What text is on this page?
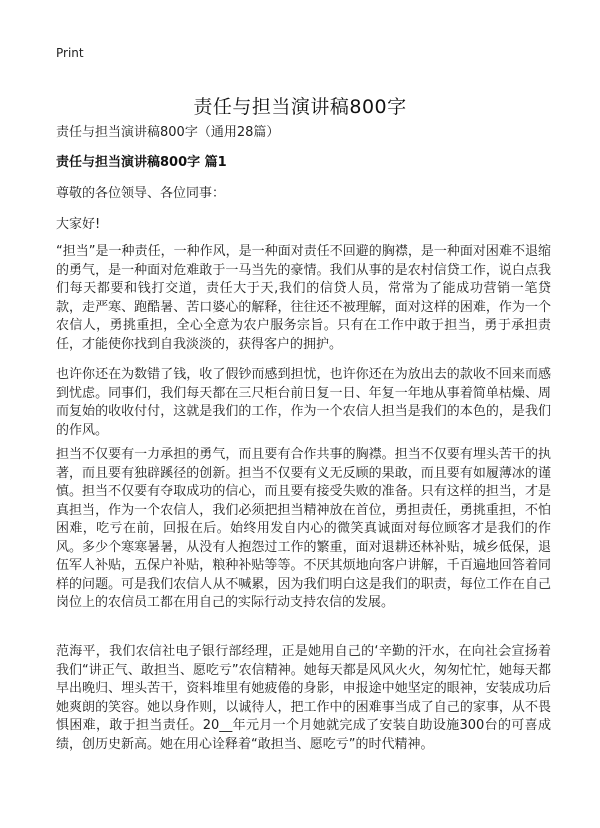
Print
责任与担当演讲稿800字
责任与担当演讲稿800字（通用28篇）
责任与担当演讲稿800字 篇1
尊敬的各位领导、各位同事：
大家好!

“担当”是一种责任，一种作风，是一种面对责任不回避的胸襟，是一种面对困难不退缩的勇气，是一种面对危难敢于一马当先的豪情。我们从事的是农村信贷工作，说白点我们每天都要和钱打交道，责任大于天,我们的信贷人员，常常为了能成功营销一笔贷款，走严寒、跑酷暑、苦口婆心的解释，往往还不被理解，面对这样的困难，作为一个农信人，勇挑重担，全心全意为农户服务宗旨。只有在工作中敢于担当，勇于承担责任，才能使你找到自我淡淡的，获得客户的拥护。

也许你还在为数错了钱，收了假钞而感到担忧，也许你还在为放出去的款收不回来而感到忧虑。同事们，我们每天都在三尺柜台前日复一日、年复一年地从事着简单枯燥、周而复始的收收付付，这就是我们的工作，作为一个农信人担当是我们的本色的，是我们的作风。

担当不仅要有一力承担的勇气，而且要有合作共事的胸襟。担当不仅要有埋头苦干的执著，而且要有独辟蹊径的创新。担当不仅要有义无反顾的果敢，而且要有如履薄冰的谨慎。担当不仅要有夺取成功的信心，而且要有接受失败的准备。只有这样的担当，才是真担当，作为一个农信人，我们必须把担当精神放在首位，勇担责任，勇挑重担，不怕困难，吃亏在前，回报在后。始终用发自内心的微笑真诚面对每位顾客才是我们的作风。多少个寒寒暑暑，从没有人抱怨过工作的繁重，面对退耕还林补贴，城乡低保，退伍军人补贴，五保户补贴，粮种补贴等等。不厌其烦地向客户讲解，千百遍地回答着同样的问题。可是我们农信人从不喊累，因为我们明白这是我们的职责，每位工作在自己岗位上的农信员工都在用自己的实际行动支持农信的发展。

范海平，我们农信社电子银行部经理，正是她用自己的‘辛勤的汗水，在向社会宣扬着我们“讲正气、敢担当、愿吃亏”农信精神。她每天都是风风火火，匆匆忙忙，她每天都早出晚归、埋头苦干，资料堆里有她疲倦的身影，申报途中她坚定的眼神，安装成功后她爽朗的笑容。她以身作则，以诚待人，把工作中的困难事当成了自己的家事，从不畏惧困难，敢于担当责任。20__年元月一个月她就完成了安装自助设施300台的可喜成绩，创历史新高。她在用心诠释着“敢担当、愿吃亏”的时代精神。
